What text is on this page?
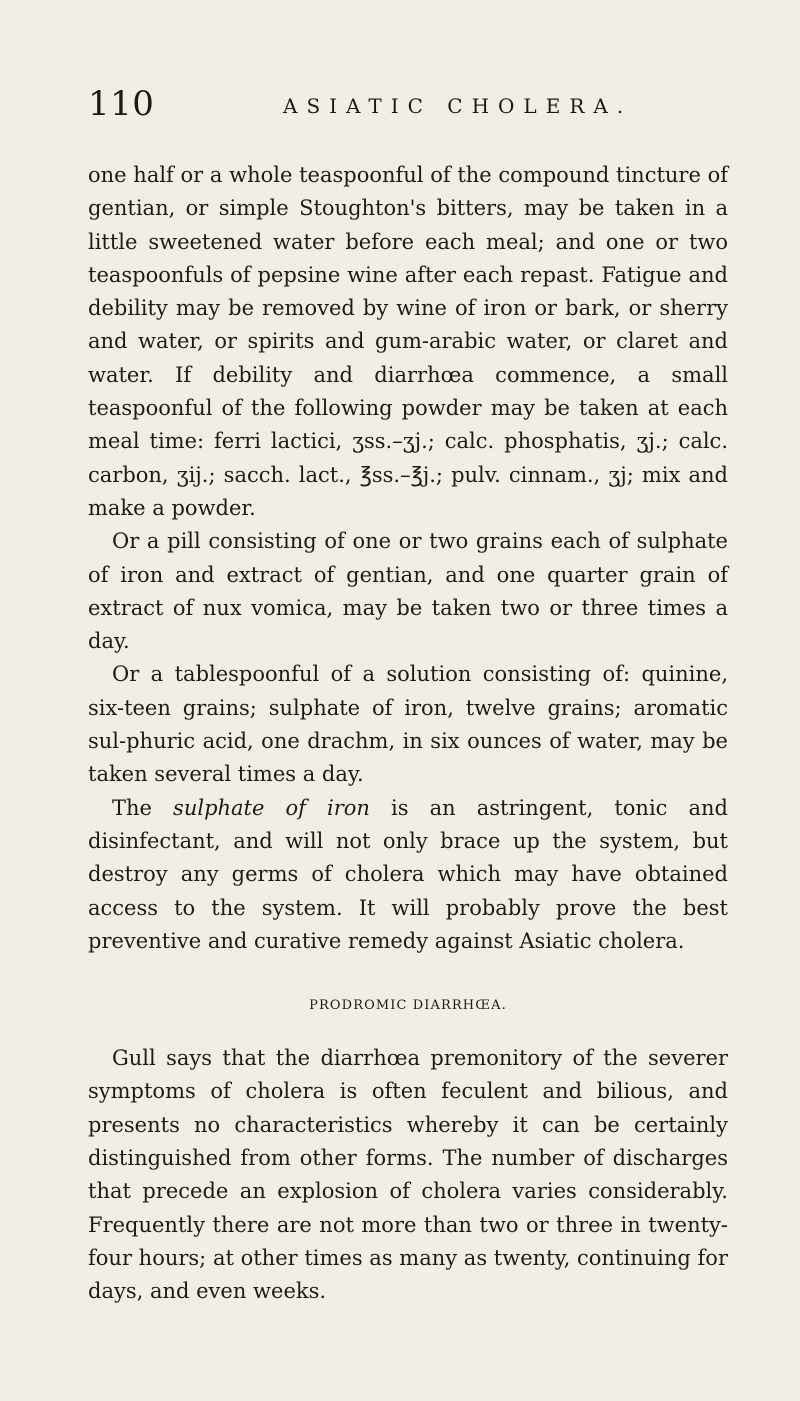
110	ASIATIC CHOLERA.

one half or a whole teaspoonful of the compound tincture of gentian, or simple Stoughton's bitters, may be taken in a little sweetened water before each meal; and one or two teaspoonfuls of pepsine wine after each repast. Fatigue and debility may be removed by wine of iron or bark, or sherry and water, or spirits and gum-arabic water, or claret and water. If debility and diarrhœa commence, a small teaspoonful of the following powder may be taken at each meal time: ferri lactici, ʒss.–ʒj.; calc. phosphatis, ʒj.; calc. carbon, ʒij.; sacch. lact., ℥ss.–℥j.; pulv. cinnam., ʒj; mix and make a powder.

Or a pill consisting of one or two grains each of sulphate of iron and extract of gentian, and one quarter grain of extract of nux vomica, may be taken two or three times a day.

Or a tablespoonful of a solution consisting of: quinine, six-teen grains; sulphate of iron, twelve grains; aromatic sul-phuric acid, one drachm, in six ounces of water, may be taken several times a day.

The sulphate of iron is an astringent, tonic and disinfectant, and will not only brace up the system, but destroy any germs of cholera which may have obtained access to the system. It will probably prove the best preventive and curative remedy against Asiatic cholera.

PRODROMIC DIARRHŒA.

Gull says that the diarrhœa premonitory of the severer symptoms of cholera is often feculent and bilious, and presents no characteristics whereby it can be certainly distinguished from other forms. The number of discharges that precede an explosion of cholera varies considerably. Frequently there are not more than two or three in twenty-four hours; at other times as many as twenty, continuing for days, and even weeks.
